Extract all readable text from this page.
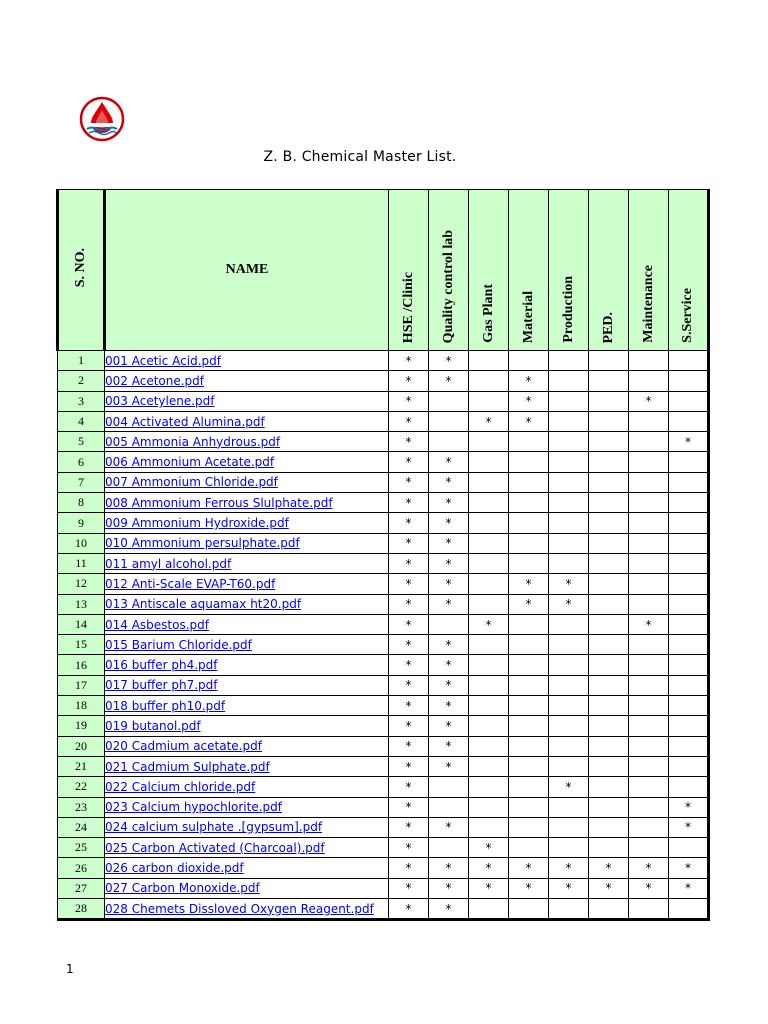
Z. B. Chemical Master List.
S. NO.	NAME	HSE /Clinic	Quality control lab	Gas Plant	Material	Production	PED.	Maintenance	S.Service
1	001 Acetic Acid.pdf	*	*						
2	002 Acetone.pdf	*	*		*				
3	003 Acetylene.pdf	*			*			*	
4	004 Activated Alumina.pdf	*		*	*				
5	005 Ammonia Anhydrous.pdf	*							*
6	006 Ammonium Acetate.pdf	*	*						
7	007 Ammonium Chloride.pdf	*	*						
8	008 Ammonium Ferrous Slulphate.pdf	*	*						
9	009 Ammonium Hydroxide.pdf	*	*						
10	010 Ammonium persulphate.pdf	*	*						
11	011 amyl alcohol.pdf	*	*						
12	012 Anti-Scale EVAP-T60.pdf	*	*		*	*			
13	013 Antiscale aquamax ht20.pdf	*	*		*	*			
14	014 Asbestos.pdf	*		*				*	
15	015 Barium Chloride.pdf	*	*						
16	016 buffer ph4.pdf	*	*						
17	017 buffer ph7.pdf	*	*						
18	018 buffer ph10.pdf	*	*						
19	019 butanol.pdf	*	*						
20	020 Cadmium acetate.pdf	*	*						
21	021 Cadmium Sulphate.pdf	*	*						
22	022 Calcium chloride.pdf	*				*			
23	023 Calcium hypochlorite.pdf	*							*
24	024 calcium sulphate .[gypsum].pdf	*	*						*
25	025 Carbon Activated (Charcoal).pdf	*		*					
26	026 carbon dioxide.pdf	*	*	*	*	*	*	*	*
27	027 Carbon Monoxide.pdf	*	*	*	*	*	*	*	*
28	028 Chemets Dissloved Oxygen Reagent.pdf	*	*						
1
